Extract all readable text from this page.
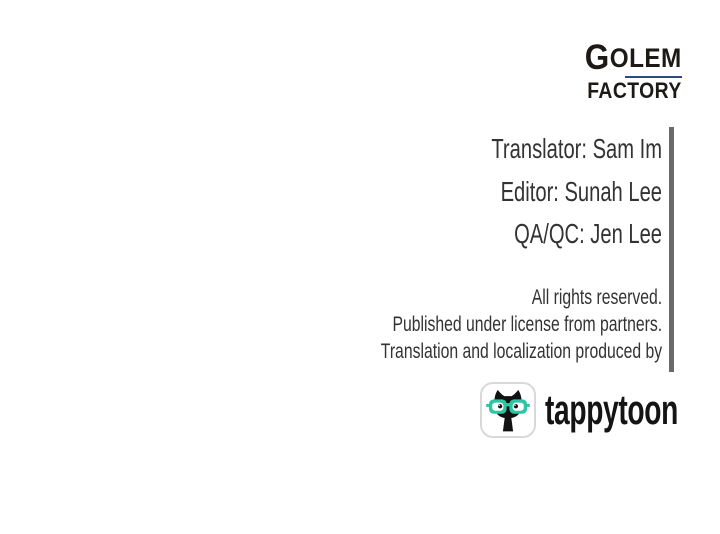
GOLEM
FACTORY
Translator: Sam Im
Editor: Sunah Lee
QA/QC: Jen Lee
All rights reserved.
Published under license from partners.
Translation and localization produced by
tappytoon
